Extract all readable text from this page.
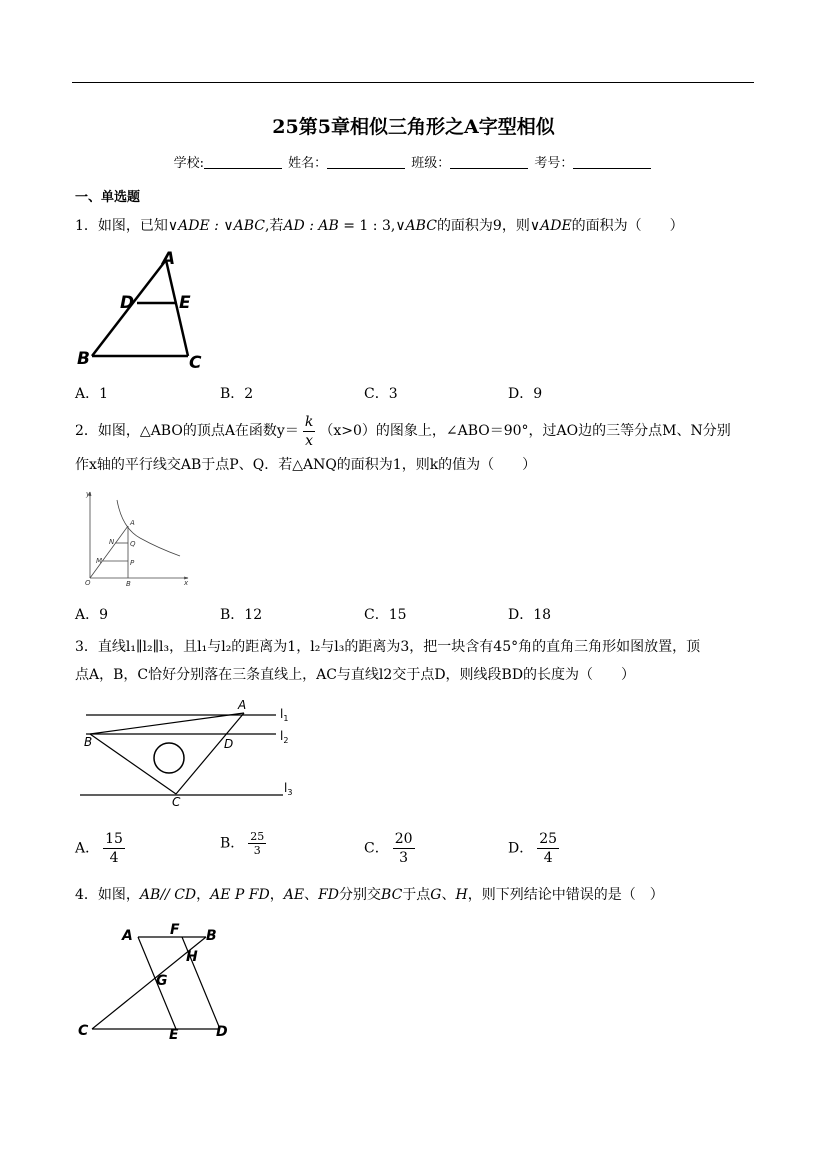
25第5章相似三角形之A字型相似
学校:	姓名：	班级：	考号：
一、单选题
1．如图，已知∨ADE : ∨ABC,若AD : AB = 1 : 3,∨ABC的面积为9，则∨ADE的面积为（　　）
A
D	E
B	C
A．1	B．2	C．3	D．9
2．如图，△ABO的顶点A在函数$y= \frac{k}{x} (x>0)$的图象上，∠ABO＝90°，过AO边的三等分点M、N分别
作x轴的平行线交AB于点P、Q．若△ANQ的面积为1，则k的值为（　　）
y
x
A
N Q
M	P
O	B
A．9	B．12	C．15	D．18
3．直线l₁∥l₂∥l₃，且l₁与l₂的距离为1，l₂与l₃的距离为3，把一块含有45°角的直角三角形如图放置，顶
点A，B，C恰好分别落在三条直线上，AC与直线l2交于点D，则线段BD的长度为（　　）
A
B	D
C
$l_1$
$l_2$
$l_3$
A． $\frac{15}{4}$	B． $\frac{25}{3}$	C． $\frac{20}{3}$	D． $\frac{25}{4}$
4．如图，AB// CD，AE P FD，AE、FD分别交BC于点G、H，则下列结论中错误的是（　）
A	F B
H
G
C	E	D
